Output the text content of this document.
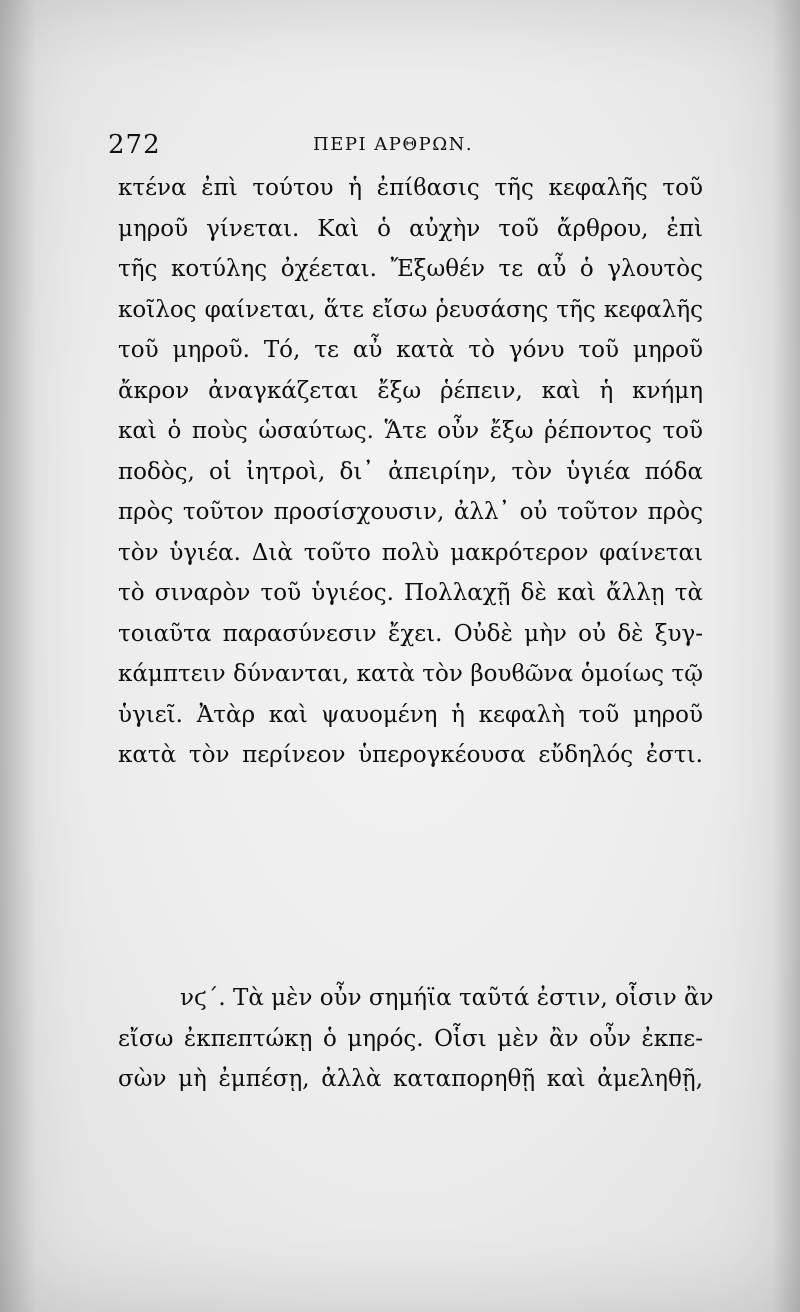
272	ΠΕΡΙ ΑΡΘΡΩΝ.
κτένα ἐπὶ τούτου ἡ ἐπίϐασις τῆς κεφαλῆς τοῦ
μηροῦ γίνεται. Καὶ ὁ αὐχὴν τοῦ ἄρθρου, ἐπὶ
τῆς κοτύλης ὀχέεται. Ἔξωθέν τε αὖ ὁ γλουτὸς
κοῖλος φαίνεται, ἅτε εἴσω ῥευσάσης τῆς κεφαλῆς
τοῦ μηροῦ. Τό, τε αὖ κατὰ τὸ γόνυ τοῦ μηροῦ
ἄκρον ἀναγκάζεται ἔξω ῥέπειν, καὶ ἡ κνήμη
καὶ ὁ ποὺς ὡσαύτως. Ἅτε οὖν ἔξω ῥέποντος τοῦ
ποδὸς, οἱ ἰητροὶ, δι᾽ ἀπειρίην, τὸν ὑγιέα πόδα
πρὸς τοῦτον προσίσχουσιν, ἀλλ᾽ οὐ τοῦτον πρὸς
τὸν ὑγιέα. Διὰ τοῦτο πολὺ μακρότερον φαίνεται
τὸ σιναρὸν τοῦ ὑγιέος. Πολλαχῇ δὲ καὶ ἄλλῃ τὰ
τοιαῦτα παρασύνεσιν ἔχει. Οὐδὲ μὴν οὐ δὲ ξυγ-
κάμπτειν δύνανται, κατὰ τὸν βουϐῶνα ὁμοίως τῷ
ὑγιεῖ. Ἀτὰρ καὶ ψαυομένη ἡ κεφαλὴ τοῦ μηροῦ
κατὰ τὸν περίνεον ὑπερογκέουσα εὔδηλός ἐστι.
νϛ´. Τὰ μὲν οὖν σημήϊα ταῦτά ἐστιν, οἷσιν ἂν
εἴσω ἐκπεπτώκῃ ὁ μηρός. Οἷσι μὲν ἂν οὖν ἐκπε-
σὼν μὴ ἐμπέσῃ, ἀλλὰ καταπορηθῇ καὶ ἀμεληθῇ,
